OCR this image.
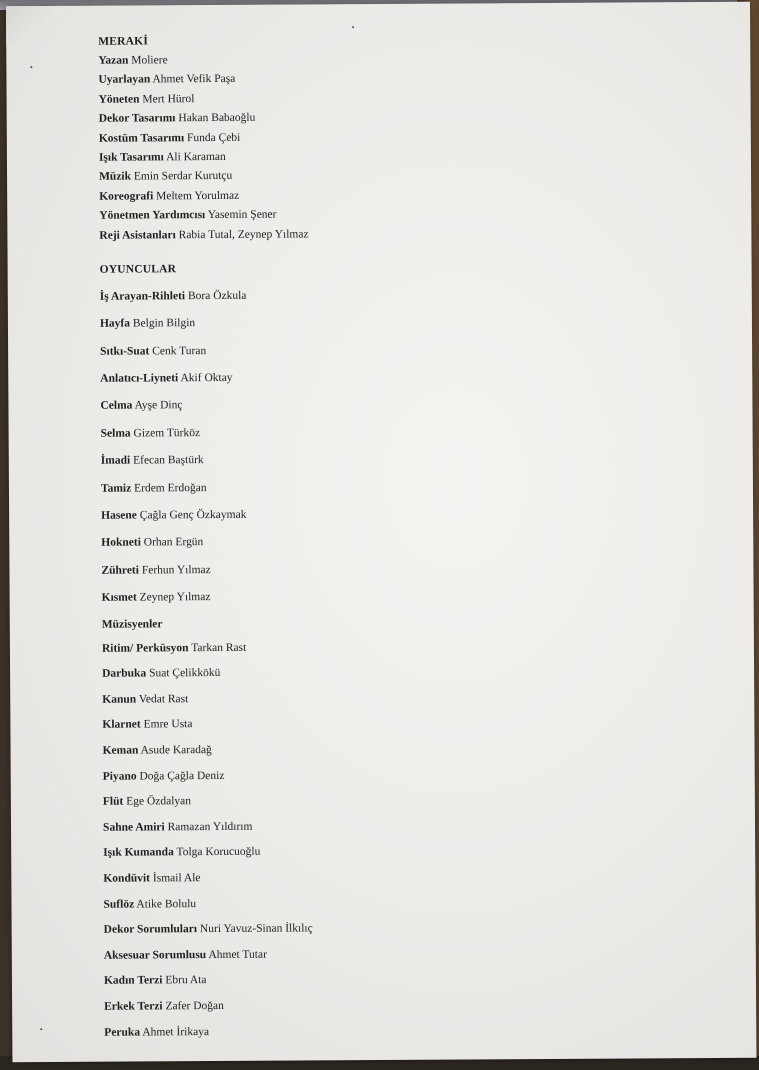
MERAKİ
Yazan Moliere
Uyarlayan Ahmet Vefik Paşa
Yöneten Mert Hürol
Dekor Tasarımı Hakan Babaoğlu
Kostüm Tasarımı Funda Çebi
Işık Tasarımı Ali Karaman
Müzik Emin Serdar Kurutçu
Koreografi Meltem Yorulmaz
Yönetmen Yardımcısı Yasemin Şener
Reji Asistanları Rabia Tutal, Zeynep Yılmaz
OYUNCULAR
İş Arayan-Rihleti Bora Özkula
Hayfa Belgin Bilgin
Sıtkı-Suat Cenk Turan
Anlatıcı-Liyneti Akif Oktay
Celma Ayşe Dinç
Selma Gizem Türköz
İmadi Efecan Baştürk
Tamiz Erdem Erdoğan
Hasene Çağla Genç Özkaymak
Hokneti Orhan Ergün
Zühreti Ferhun Yılmaz
Kısmet Zeynep Yılmaz
Müzisyenler
Ritim/ Perküsyon Tarkan Rast
Darbuka Suat Çelikkökü
Kanun Vedat Rast
Klarnet Emre Usta
Keman Asude Karadağ
Piyano Doğa Çağla Deniz
Flüt Ege Özdalyan
Sahne Amiri Ramazan Yıldırım
Işık Kumanda Tolga Korucuoğlu
Kondüvit İsmail Ale
Suflöz Atike Bolulu
Dekor Sorumluları Nuri Yavuz-Sinan İlkılıç
Aksesuar Sorumlusu Ahmet Tutar
Kadın Terzi Ebru Ata
Erkek Terzi Zafer Doğan
Peruka Ahmet İrikaya
